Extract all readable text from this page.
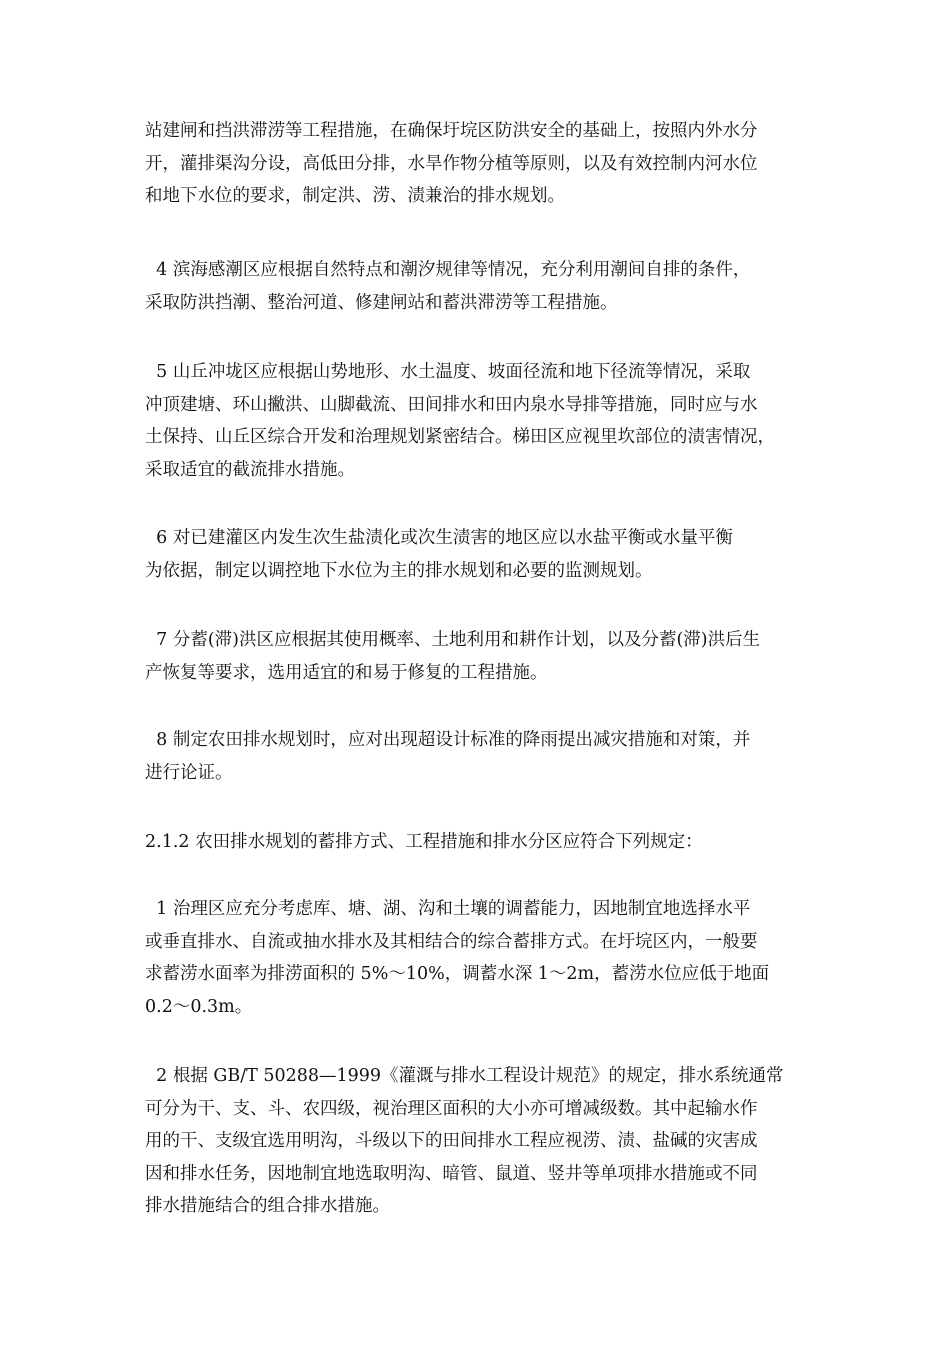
站建闸和挡洪滞涝等工程措施，在确保圩垸区防洪安全的基础上，按照内外水分
开，灌排渠沟分设，高低田分排，水旱作物分植等原则，以及有效控制内河水位
和地下水位的要求，制定洪、涝、渍兼治的排水规划。
4 滨海感潮区应根据自然特点和潮汐规律等情况，充分利用潮间自排的条件，
采取防洪挡潮、整治河道、修建闸站和蓄洪滞涝等工程措施。
5 山丘冲垅区应根据山势地形、水土温度、坡面径流和地下径流等情况，采取
冲顶建塘、环山撇洪、山脚截流、田间排水和田内泉水导排等措施，同时应与水
土保持、山丘区综合开发和治理规划紧密结合。梯田区应视里坎部位的渍害情况，
采取适宜的截流排水措施。
6 对已建灌区内发生次生盐渍化或次生渍害的地区应以水盐平衡或水量平衡
为依据，制定以调控地下水位为主的排水规划和必要的监测规划。
7 分蓄(滞)洪区应根据其使用概率、土地利用和耕作计划，以及分蓄(滞)洪后生
产恢复等要求，选用适宜的和易于修复的工程措施。
8 制定农田排水规划时，应对出现超设计标准的降雨提出减灾措施和对策，并
进行论证。
2.1.2 农田排水规划的蓄排方式、工程措施和排水分区应符合下列规定：
1 治理区应充分考虑库、塘、湖、沟和土壤的调蓄能力，因地制宜地选择水平
或垂直排水、自流或抽水排水及其相结合的综合蓄排方式。在圩垸区内，一般要
求蓄涝水面率为排涝面积的 5%～10%，调蓄水深 1～2m，蓄涝水位应低于地面
0.2～0.3m。
2 根据 GB/T 50288—1999《灌溉与排水工程设计规范》的规定，排水系统通常
可分为干、支、斗、农四级，视治理区面积的大小亦可增减级数。其中起输水作
用的干、支级宜选用明沟，斗级以下的田间排水工程应视涝、渍、盐碱的灾害成
因和排水任务，因地制宜地选取明沟、暗管、鼠道、竖井等单项排水措施或不同
排水措施结合的组合排水措施。
